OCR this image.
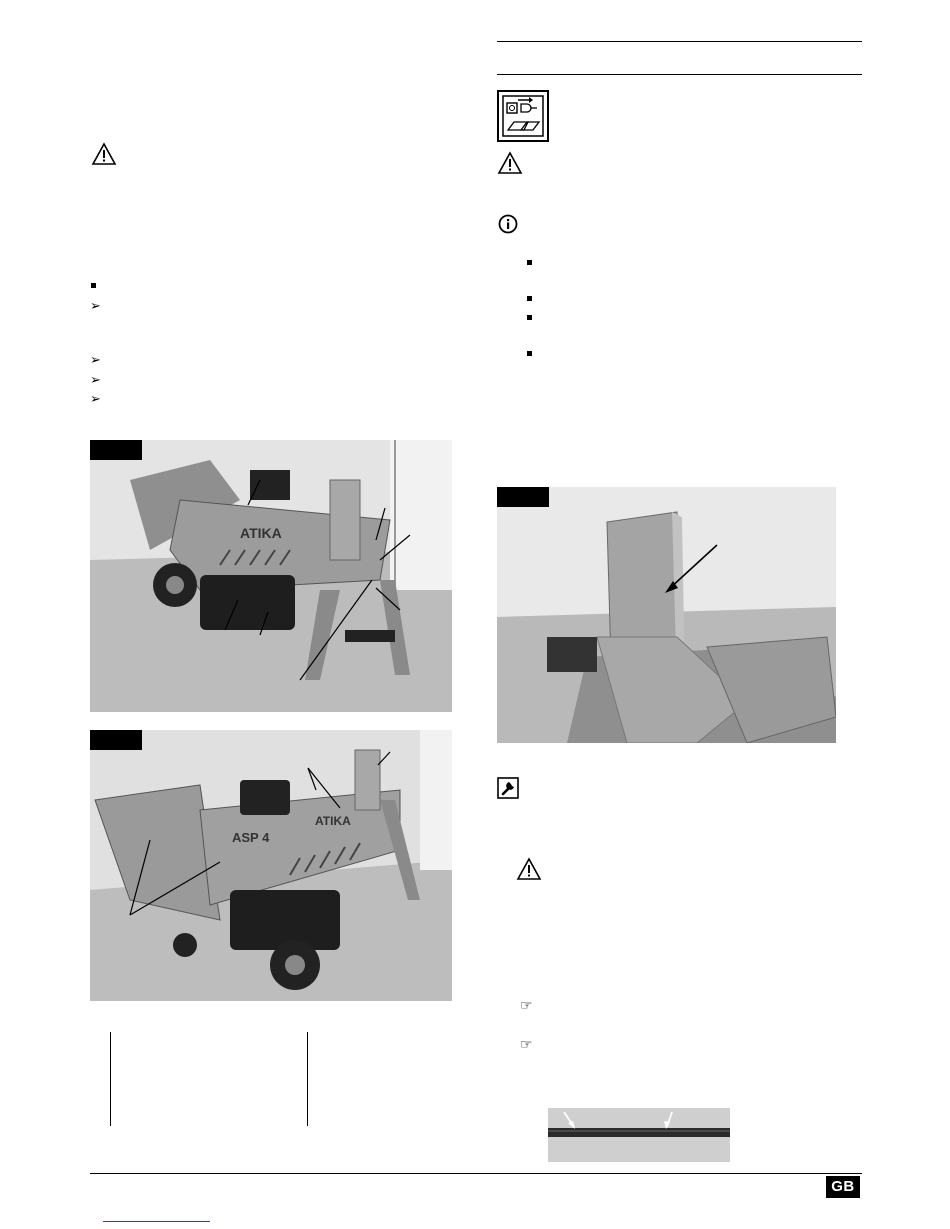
➢
➢
➢
➢
ATIKA
ATIKA
ASP 4
☞
☞
GB
